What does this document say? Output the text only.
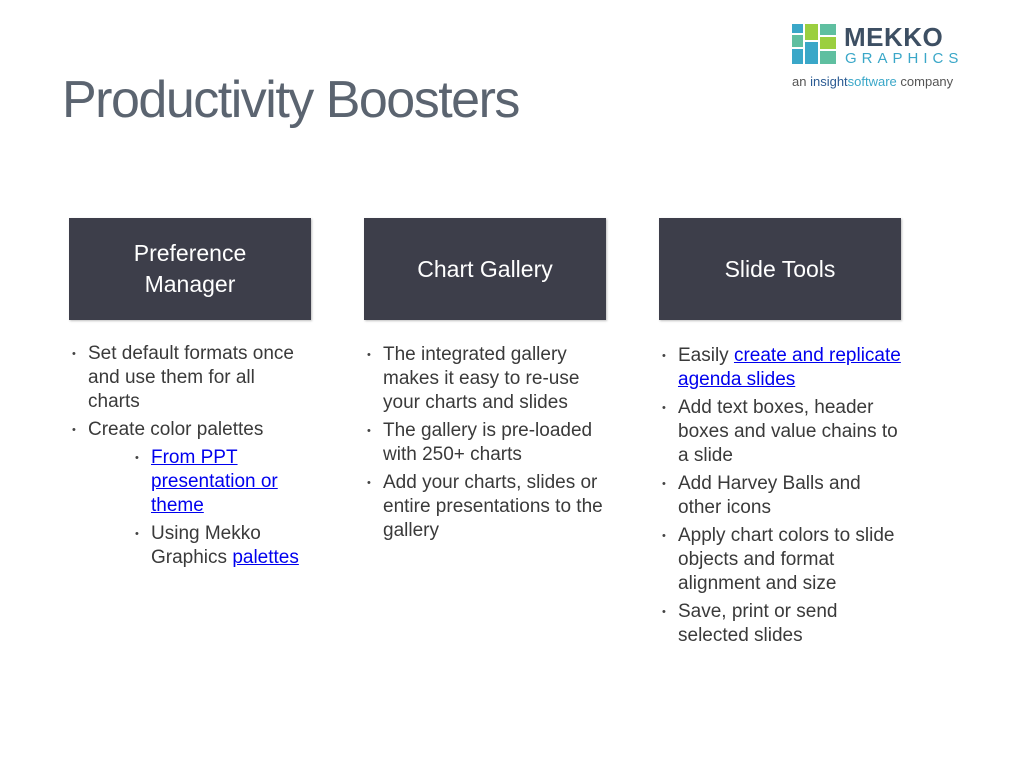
Productivity Boosters
MEKKO
GRAPHICS
an insightsoftware company
Preference Manager
• Set default formats once and use them for all charts
• Create color palettes
• From PPT presentation or theme
• Using Mekko Graphics palettes
Chart Gallery
• The integrated gallery makes it easy to re-use your charts and slides
• The gallery is pre-loaded with 250+ charts
• Add your charts, slides or entire presentations to the gallery
Slide Tools
• Easily create and replicate agenda slides
• Add text boxes, header boxes and value chains to a slide
• Add Harvey Balls and other icons
• Apply chart colors to slide objects and format alignment and size
• Save, print or send selected slides
